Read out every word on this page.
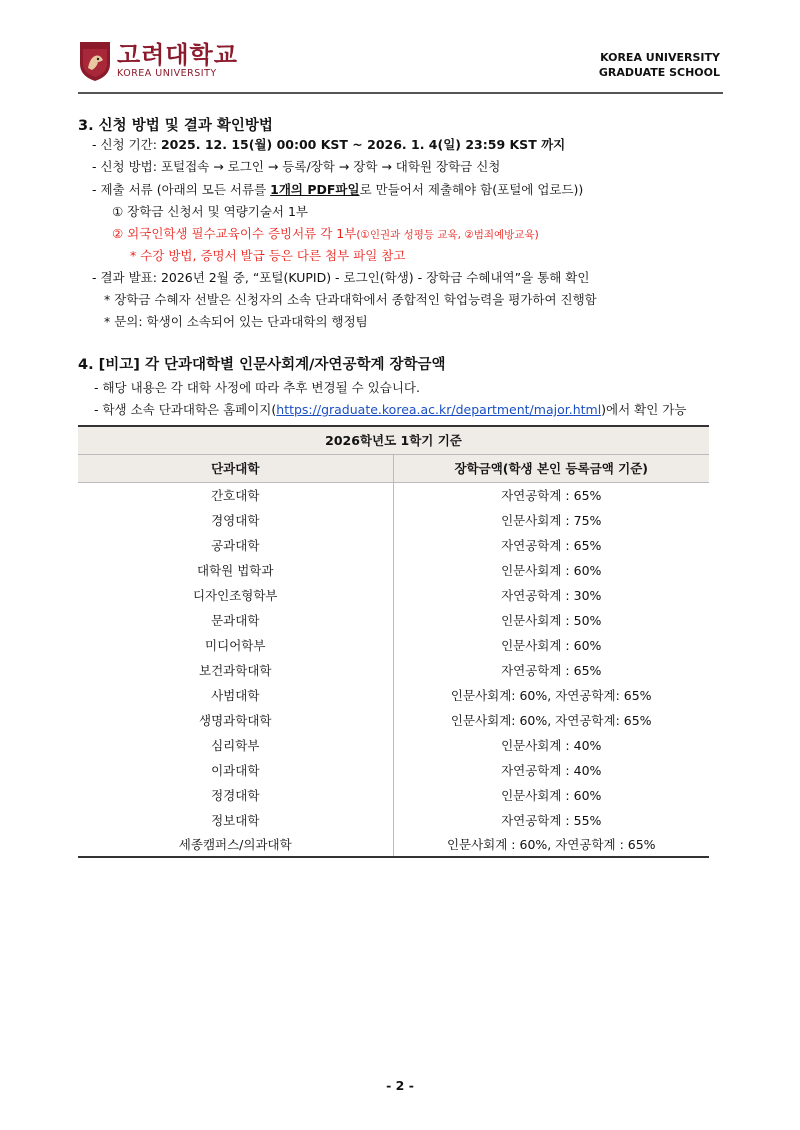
고려대학교
KOREA UNIVERSITY
KOREA UNIVERSITY
GRADUATE SCHOOL
3. 신청 방법 및 결과 확인방법
- 신청 기간: 2025. 12. 15(월) 00:00 KST ~ 2026. 1. 4(일) 23:59 KST 까지
- 신청 방법: 포털접속 → 로그인 → 등록/장학 → 장학 → 대학원 장학금 신청
- 제출 서류 (아래의 모든 서류를 1개의 PDF파일로 만들어서 제출해야 함(포털에 업로드))
① 장학금 신청서 및 역량기술서 1부
② 외국인학생 필수교육이수 증빙서류 각 1부(①인권과 성평등 교육, ②범죄예방교육)
* 수강 방법, 증명서 발급 등은 다른 첨부 파일 참고
- 결과 발표: 2026년 2월 중, “포털(KUPID) - 로그인(학생) - 장학금 수혜내역”을 통해 확인
* 장학금 수혜자 선발은 신청자의 소속 단과대학에서 종합적인 학업능력을 평가하여 진행함
* 문의: 학생이 소속되어 있는 단과대학의 행정팀
4. [비고] 각 단과대학별 인문사회계/자연공학계 장학금액
- 해당 내용은 각 대학 사정에 따라 추후 변경될 수 있습니다.
- 학생 소속 단과대학은 홈페이지(https://graduate.korea.ac.kr/department/major.html)에서 확인 가능
2026학년도 1학기 기준	
단과대학	장학금액(학생 본인 등록금액 기준)
간호대학	자연공학계 : 65%
경영대학	인문사회계 : 75%
공과대학	자연공학계 : 65%
대학원 법학과	인문사회계 : 60%
디자인조형학부	자연공학계 : 30%
문과대학	인문사회계 : 50%
미디어학부	인문사회계 : 60%
보건과학대학	자연공학계 : 65%
사범대학	인문사회계: 60%, 자연공학계: 65%
생명과학대학	인문사회계: 60%, 자연공학계: 65%
심리학부	인문사회계 : 40%
이과대학	자연공학계 : 40%
정경대학	인문사회계 : 60%
정보대학	자연공학계 : 55%
세종캠퍼스/의과대학	인문사회계 : 60%, 자연공학계 : 65%
- 2 -
